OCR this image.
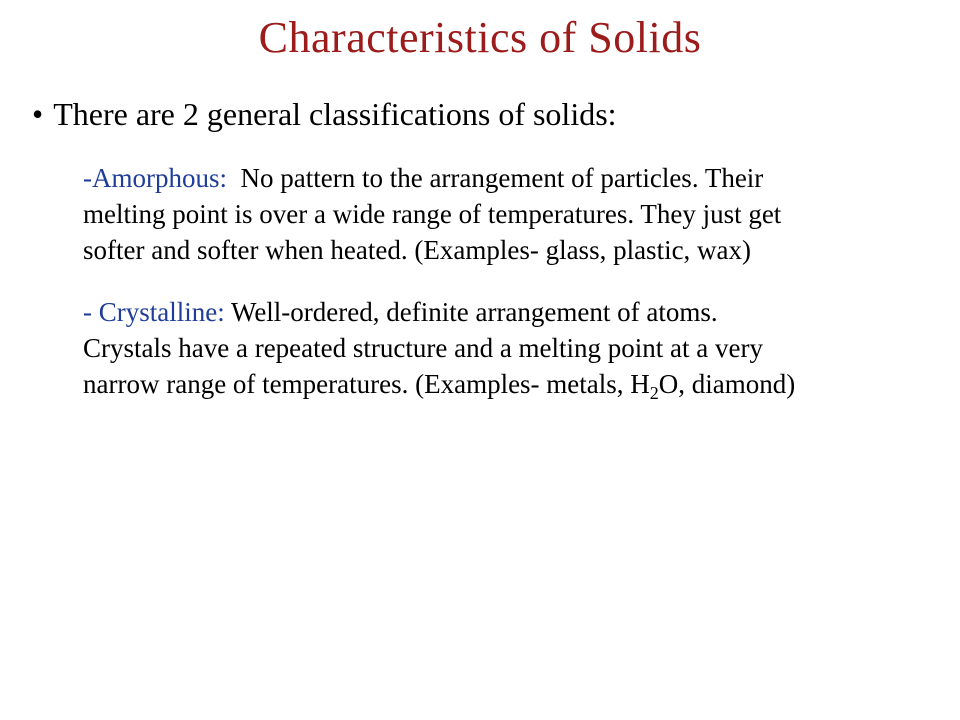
Characteristics of Solids
• There are 2 general classifications of solids:
-Amorphous: No pattern to the arrangement of particles. Their
melting point is over a wide range of temperatures. They just get
softer and softer when heated. (Examples- glass, plastic, wax)
- Crystalline: Well-ordered, definite arrangement of atoms.
Crystals have a repeated structure and a melting point at a very
narrow range of temperatures. (Examples- metals, $H_2O$, diamond)
